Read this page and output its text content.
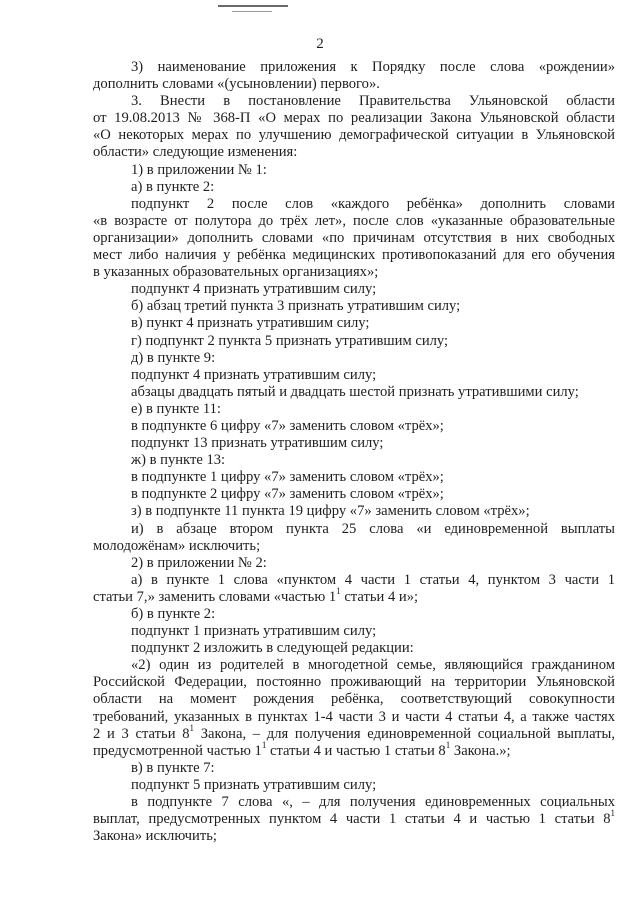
2

3) наименование приложения к Порядку после слова «рождении»

дополнить словами «(усыновлении) первого».

3. Внести в постановление Правительства Ульяновской области

от 19.08.2013 № 368-П «О мерах по реализации Закона Ульяновской области

«О некоторых мерах по улучшению демографической ситуации в Ульяновской

области» следующие изменения:

1) в приложении № 1:

а) в пункте 2:

подпункт 2 после слов «каждого ребёнка» дополнить словами

«в возрасте от полутора до трёх лет», после слов «указанные образовательные

организации» дополнить словами «по причинам отсутствия в них свободных

мест либо наличия у ребёнка медицинских противопоказаний для его обучения

в указанных образовательных организациях»;

подпункт 4 признать утратившим силу;

б) абзац третий пункта 3 признать утратившим силу;

в) пункт 4 признать утратившим силу;

г) подпункт 2 пункта 5 признать утратившим силу;

д) в пункте 9:

подпункт 4 признать утратившим силу;

абзацы двадцать пятый и двадцать шестой признать утратившими силу;

е) в пункте 11:

в подпункте 6 цифру «7» заменить словом «трёх»;

подпункт 13 признать утратившим силу;

ж) в пункте 13:

в подпункте 1 цифру «7» заменить словом «трёх»;

в подпункте 2 цифру «7» заменить словом «трёх»;

з) в подпункте 11 пункта 19 цифру «7» заменить словом «трёх»;

и) в абзаце втором пункта 25 слова «и единовременной выплаты

молодожёнам» исключить;

2) в приложении № 2:

а) в пункте 1 слова «пунктом 4 части 1 статьи 4, пунктом 3 части 1

статьи 7,» заменить словами «частью $1^1$ статьи 4 и»;

б) в пункте 2:

подпункт 1 признать утратившим силу;

подпункт 2 изложить в следующей редакции:

«2) один из родителей в многодетной семье, являющийся гражданином

Российской Федерации, постоянно проживающий на территории Ульяновской

области на момент рождения ребёнка, соответствующий совокупности

требований, указанных в пунктах 1-4 части 3 и части 4 статьи 4, а также частях

2 и 3 статьи $8^1$ Закона, – для получения единовременной социальной выплаты,

предусмотренной частью $1^1$ статьи 4 и частью 1 статьи $8^1$ Закона.»;

в) в пункте 7:

подпункт 5 признать утратившим силу;

в подпункте 7 слова «, – для получения единовременных социальных

выплат, предусмотренных пунктом 4 части 1 статьи 4 и частью 1 статьи $8^1$

Закона» исключить;
